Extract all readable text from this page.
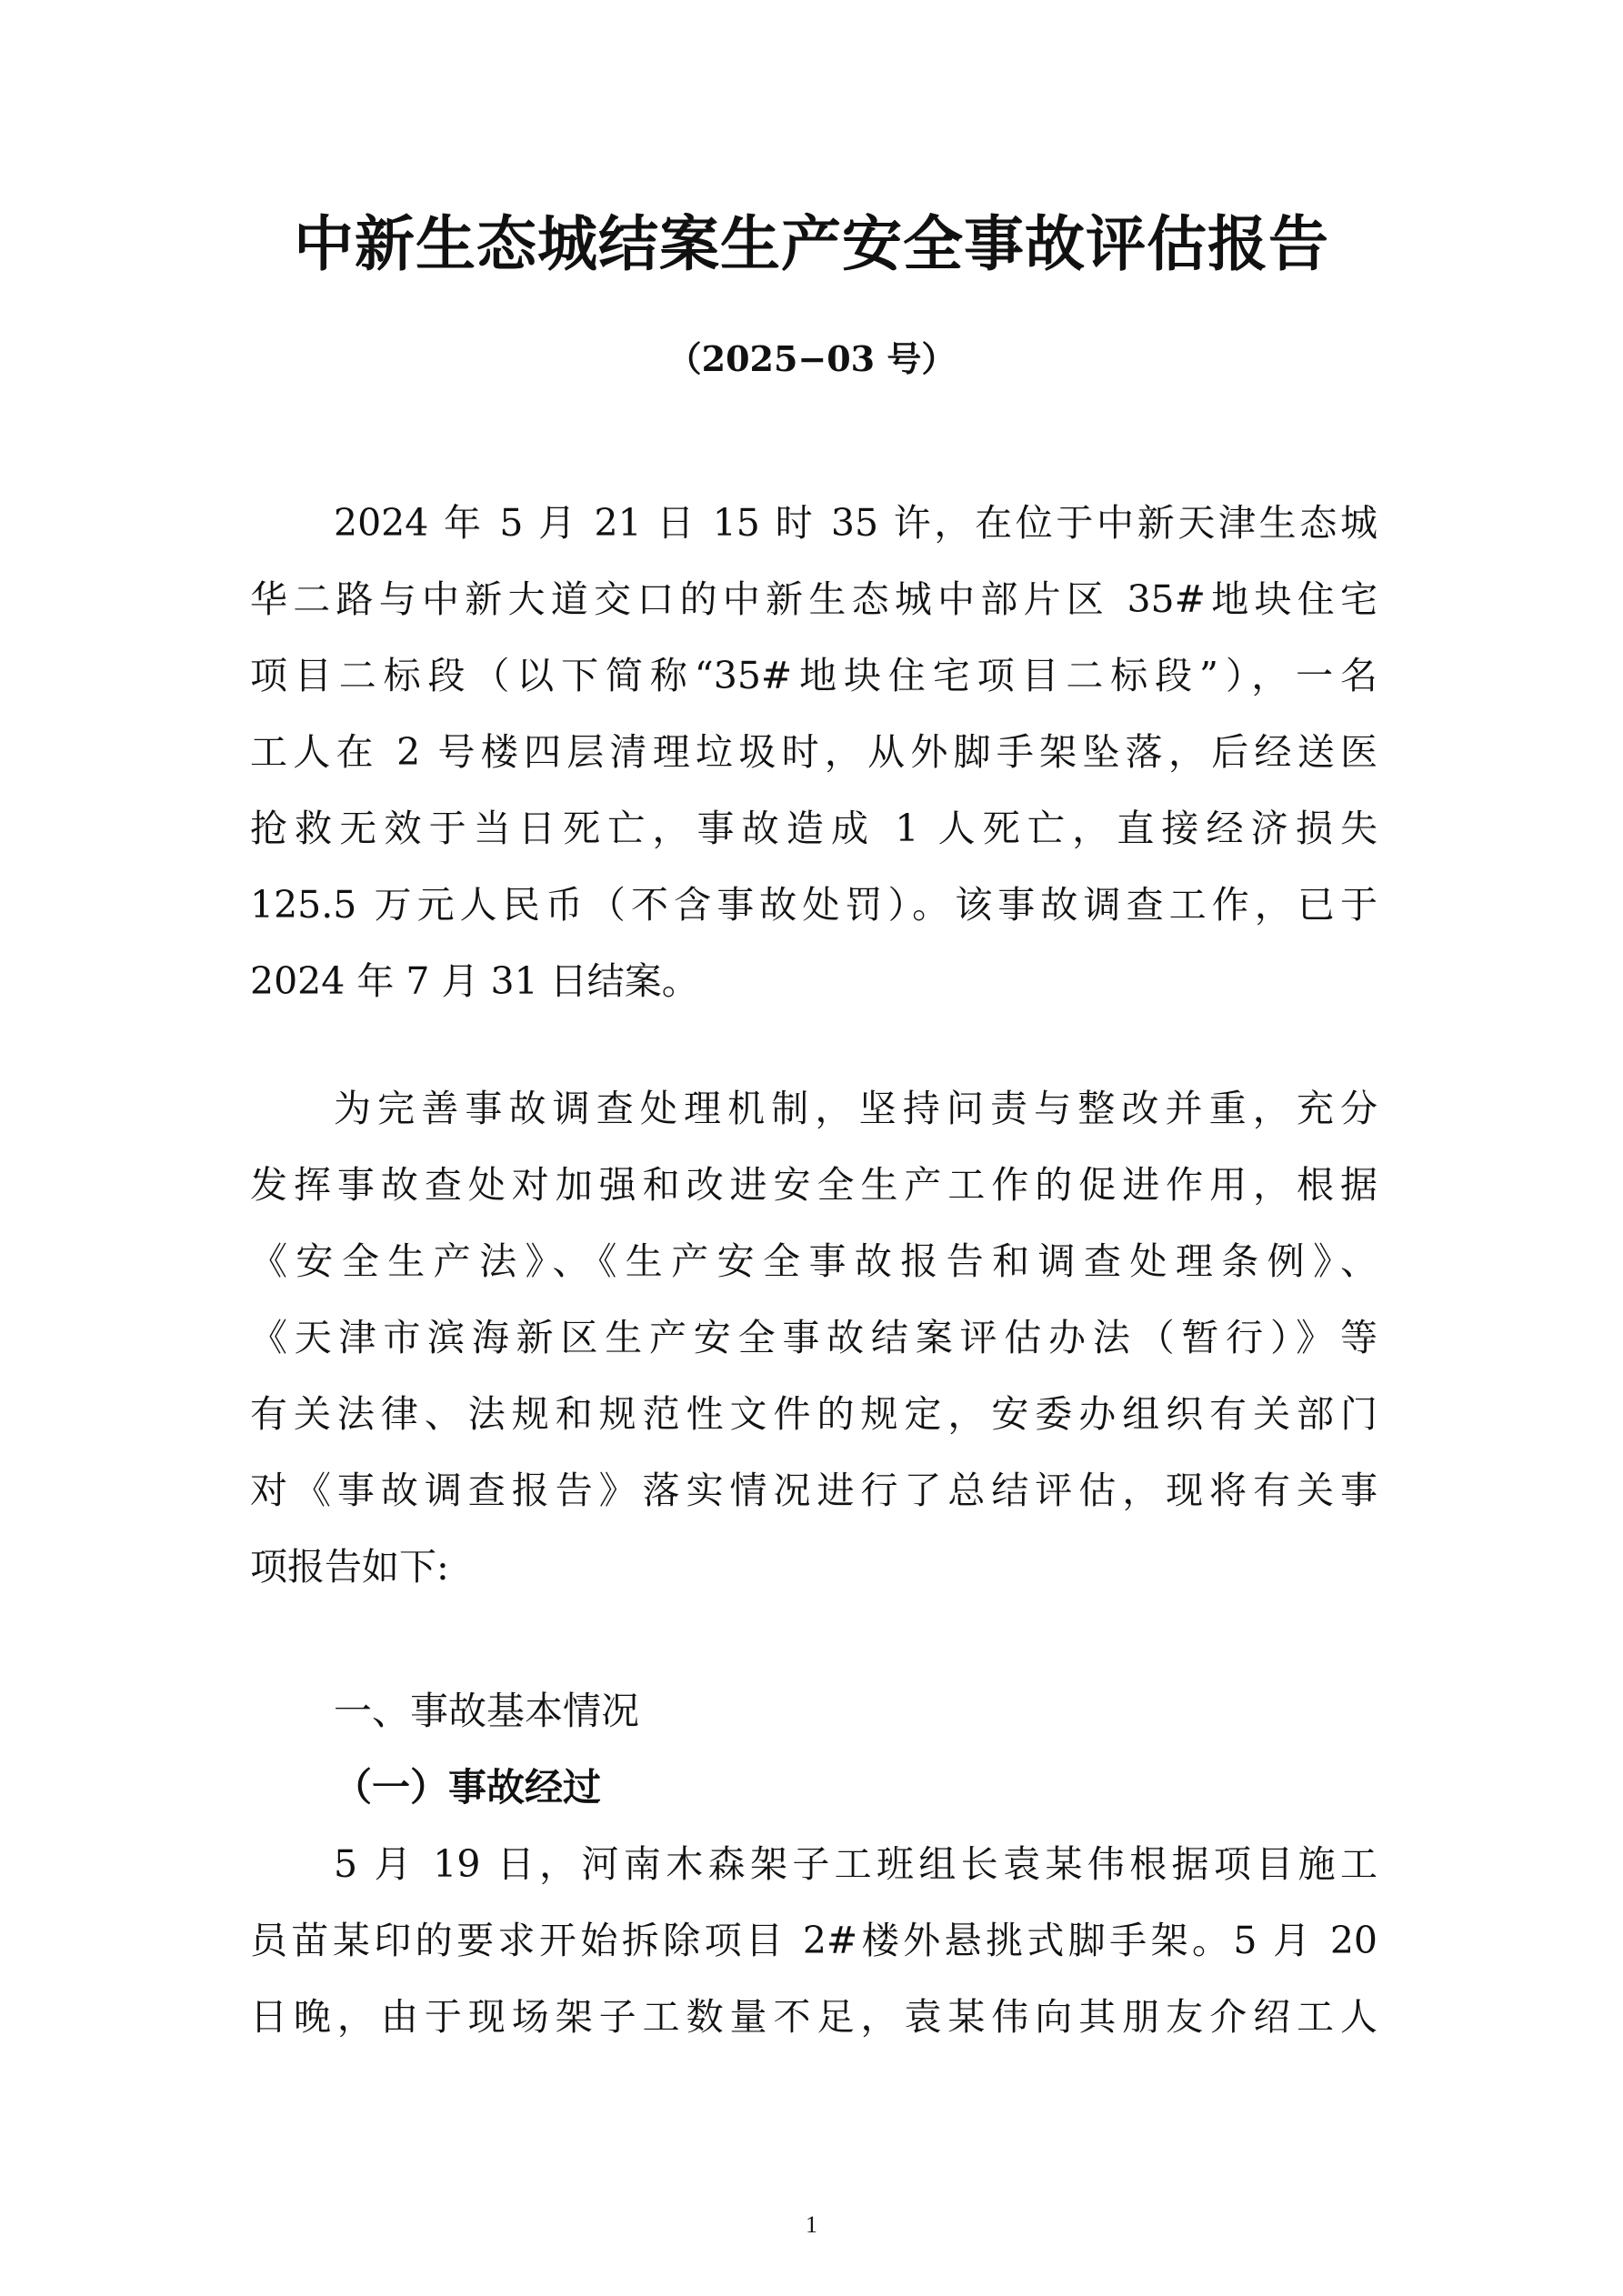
中新生态城结案生产安全事故评估报告
（2025−03 号）
2024 年 5 月 21 日 15 时 35 许，在位于中新天津生态城
华二路与中新大道交口的中新生态城中部片区 35#地块住宅
项目二标段（以下简称“35#地块住宅项目二标段”），一名
工人在 2 号楼四层清理垃圾时，从外脚手架坠落，后经送医
抢救无效于当日死亡，事故造成 1 人死亡，直接经济损失
125.5 万元人民币（不含事故处罚）。该事故调查工作，已于
2024 年 7 月 31 日结案。
为完善事故调查处理机制，坚持问责与整改并重，充分
发挥事故查处对加强和改进安全生产工作的促进作用，根据
《安全生产法》、《生产安全事故报告和调查处理条例》、
《天津市滨海新区生产安全事故结案评估办法（暂行）》等
有关法律、法规和规范性文件的规定，安委办组织有关部门
对《事故调查报告》落实情况进行了总结评估，现将有关事
项报告如下:
一、事故基本情况
（一）事故经过
5 月 19 日，河南木森架子工班组长袁某伟根据项目施工
员苗某印的要求开始拆除项目 2#楼外悬挑式脚手架。5 月 20
日晚，由于现场架子工数量不足，袁某伟向其朋友介绍工人
1
